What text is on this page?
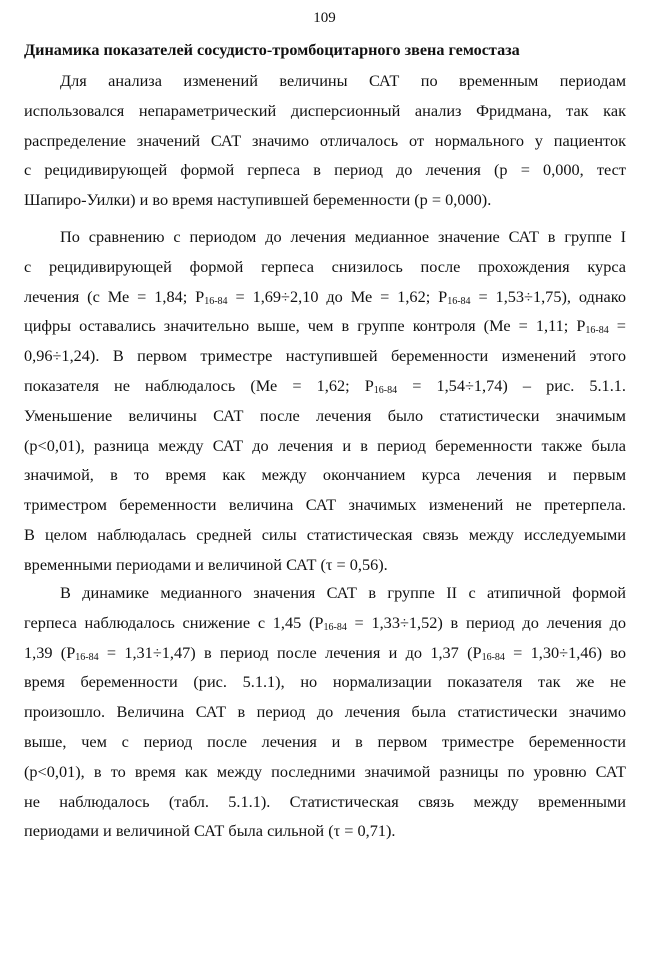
109
Динамика показателей сосудисто-тромбоцитарного звена гемостаза

Для анализа изменений величины САТ по временным периодам
использовался непараметрический дисперсионный анализ Фридмана, так как
распределение значений САТ значимо отличалось от нормального у пациенток
с рецидивирующей формой герпеса в период до лечения (р = 0,000, тест
Шапиро-Уилки) и во время наступившей беременности (р = 0,000).

По сравнению с периодом до лечения медианное значение САТ в группе I
с рецидивирующей формой герпеса снизилось после прохождения курса
лечения (с Ме = 1,84; $Р_{16-84} = 1,69\div 2,10$ до Ме = 1,62; $Р_{16-84} = 1,53\div 1,75$), однако
цифры оставались значительно выше, чем в группе контроля (Ме = 1,11; $Р_{16-84}$ =
0,96÷1,24). В первом триместре наступившей беременности изменений этого
показателя не наблюдалось (Ме = 1,62; $Р_{16-84} = 1,54\div 1,74$) – рис. 5.1.1.
Уменьшение величины САТ после лечения было статистически значимым
(р<0,01), разница между САТ до лечения и в период беременности также была
значимой, в то время как между окончанием курса лечения и первым
триместром беременности величина САТ значимых изменений не претерпела.
В целом наблюдалась средней силы статистическая связь между исследуемыми
временными периодами и величиной САТ (τ = 0,56).

В динамике медианного значения САТ в группе II с атипичной формой
герпеса наблюдалось снижение с 1,45 $(Р_{16-84} = 1,33\div 1,52)$ в период до лечения до
1,39 $(Р_{16-84} = 1,31\div 1,47)$ в период после лечения и до 1,37 $(Р_{16-84} = 1,30\div 1,46)$ во
время беременности (рис. 5.1.1), но нормализации показателя так же не
произошло. Величина САТ в период до лечения была статистически значимо
выше, чем с период после лечения и в первом триместре беременности
(р<0,01), в то время как между последними значимой разницы по уровню САТ
не наблюдалось (табл. 5.1.1). Статистическая связь между временными
периодами и величиной САТ была сильной (τ = 0,71).
